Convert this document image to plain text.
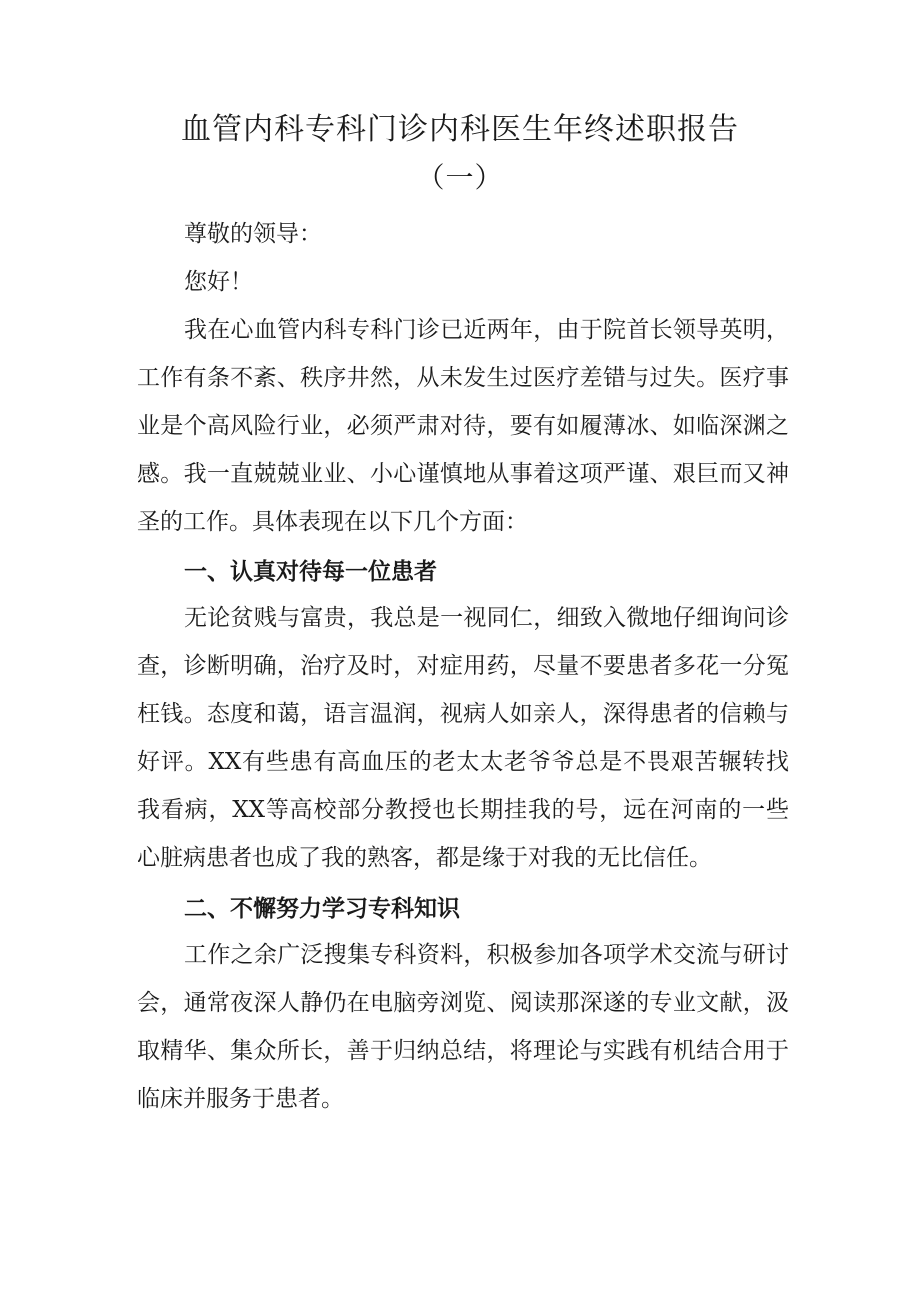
血管内科专科门诊内科医生年终述职报告
（一）

尊敬的领导：

您好！

我在心血管内科专科门诊已近两年，由于院首长领导英明，工作有条不紊、秩序井然，从未发生过医疗差错与过失。医疗事业是个高风险行业，必须严肃对待，要有如履薄冰、如临深渊之感。我一直兢兢业业、小心谨慎地从事着这项严谨、艰巨而又神圣的工作。具体表现在以下几个方面：

一、认真对待每一位患者

无论贫贱与富贵，我总是一视同仁，细致入微地仔细询问诊查，诊断明确，治疗及时，对症用药，尽量不要患者多花一分冤枉钱。态度和蔼，语言温润，视病人如亲人，深得患者的信赖与好评。XX有些患有高血压的老太太老爷爷总是不畏艰苦辗转找我看病，XX等高校部分教授也长期挂我的号，远在河南的一些心脏病患者也成了我的熟客，都是缘于对我的无比信任。

二、不懈努力学习专科知识

工作之余广泛搜集专科资料，积极参加各项学术交流与研讨会，通常夜深人静仍在电脑旁浏览、阅读那深遂的专业文献，汲取精华、集众所长，善于归纳总结，将理论与实践有机结合用于临床并服务于患者。
